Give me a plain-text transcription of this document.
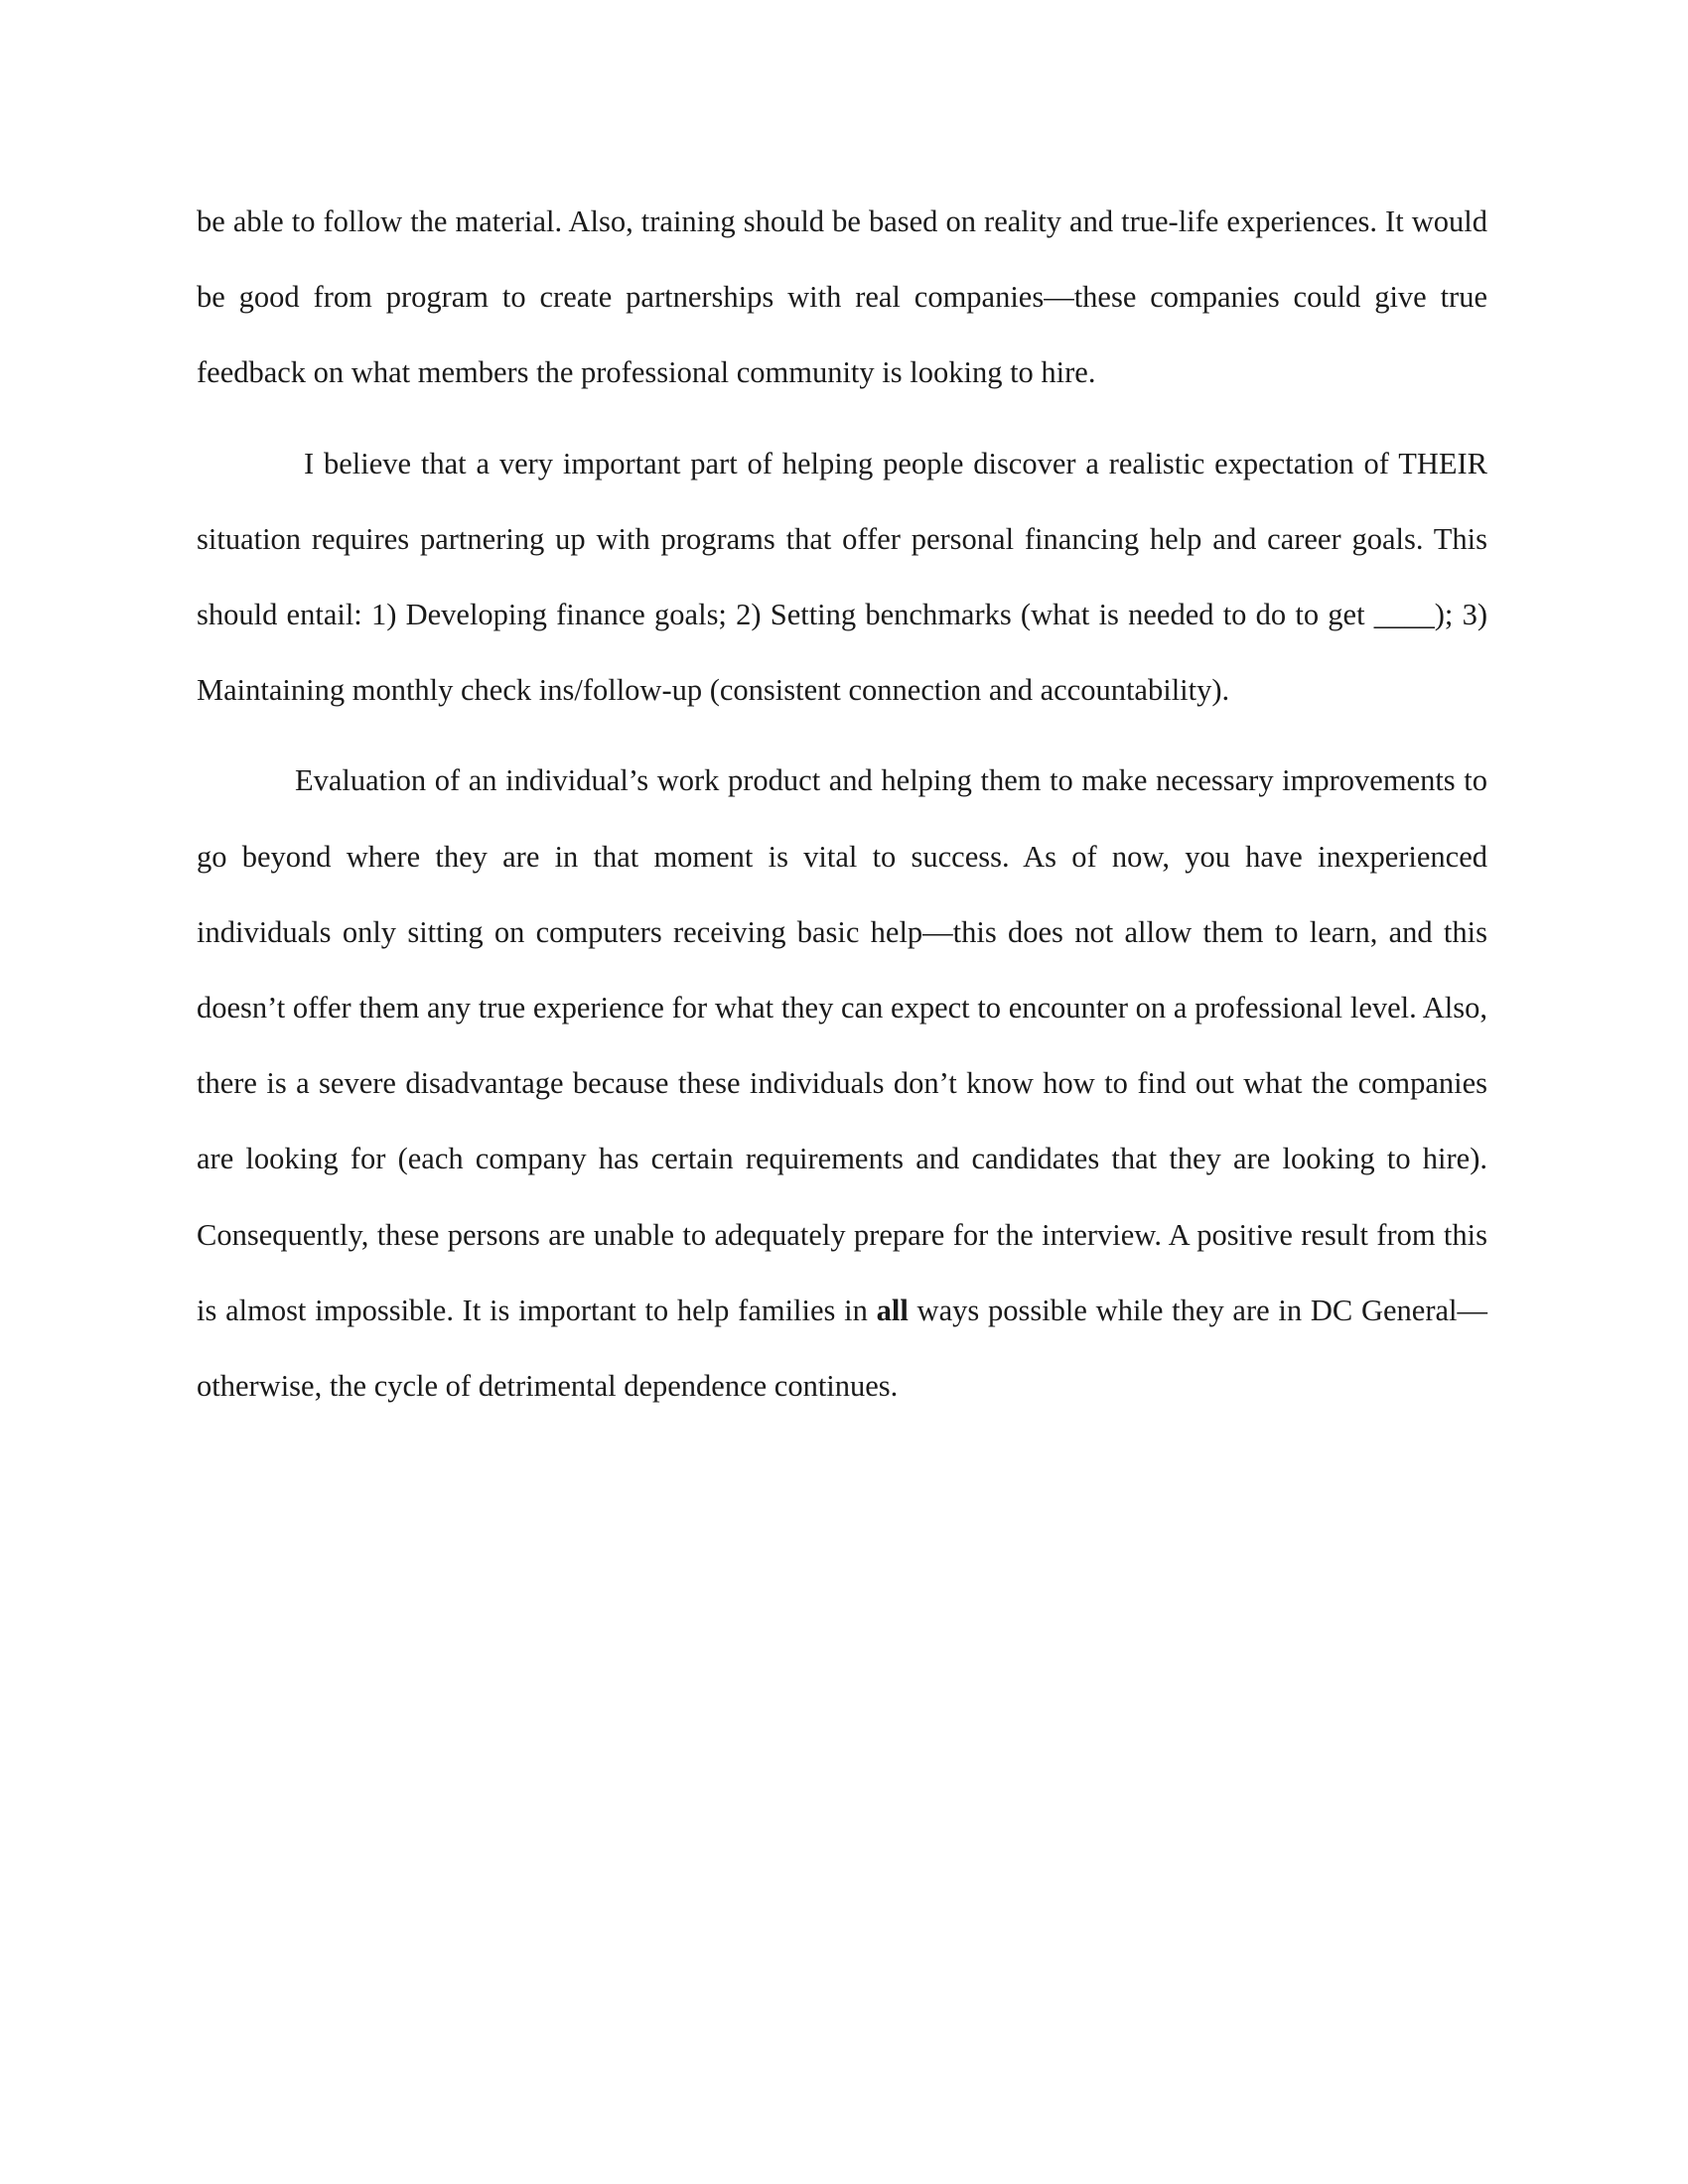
be able to follow the material. Also, training should be based on reality and true-life experiences. It would be good from program to create partnerships with real companies—these companies could give true feedback on what members the professional community is looking to hire.

I believe that a very important part of helping people discover a realistic expectation of THEIR situation requires partnering up with programs that offer personal financing help and career goals. This should entail: 1) Developing finance goals; 2) Setting benchmarks (what is needed to do to get ____); 3) Maintaining monthly check ins/follow-up (consistent connection and accountability).

Evaluation of an individual’s work product and helping them to make necessary improvements to go beyond where they are in that moment is vital to success. As of now, you have inexperienced individuals only sitting on computers receiving basic help—this does not allow them to learn, and this doesn’t offer them any true experience for what they can expect to encounter on a professional level. Also, there is a severe disadvantage because these individuals don’t know how to find out what the companies are looking for (each company has certain requirements and candidates that they are looking to hire). Consequently, these persons are unable to adequately prepare for the interview. A positive result from this is almost impossible. It is important to help families in all ways possible while they are in DC General—otherwise, the cycle of detrimental dependence continues.
